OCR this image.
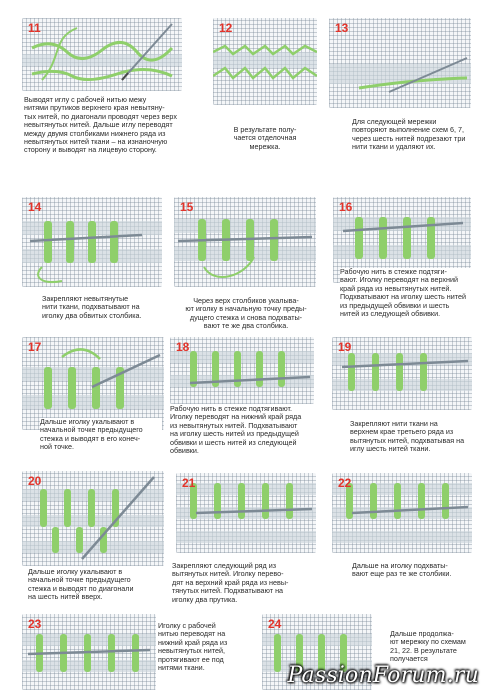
11

Выводят иглу с рабочей нитью межу
нитями прутиков верхнего края невытяну-
тых нитей, по диагонали проводят через верх
невытянутых нитей. Дальше иглу переводят
между двумя столбиками нижнего ряда из
невытянутых нитей ткани – на изнаночную
сторону и выводят на лицевую сторону.

12

В результате полу-
чается отделочная
мережка.

13

Для следующей мережки
повторяют выполнение схем 6, 7,
через шесть нитей подрезают три
нити ткани и удаляют их.

14

Закрепляют невытянутые
нити ткани, подхватывают на
иголку два обвитых столбика.

15

Через верх столбиков укалыва-
ют иголку в начальную точку преды-
дущего стежка и снова подхваты-
вают те же два столбика.

16

Рабочую нить в стежке подтяги-
вают. Иголку переводят на верхний
край ряда из невытянутых нитей.
Подхватывают на иголку шесть нитей
из предыдущей обвивки и шесть
нитей из следующей обвивки.

17

Дальше иголку укалывают в
начальной точке предыдущего
стежка и выводят в его конеч-
ной точке.

18

Рабочую нить в стежке подтягивают.
Иголку переводят на нижний край ряда
из невытянутых нитей. Подхватывают
на иголку шесть нитей из предыдущей
обвивки и шесть нитей из следующей
обвивки.

19

Закрепляют нити ткани на
верхнем крае третьего ряда из
вытянутых нитей, подхватывая на
иглу шесть нитей ткани.

20

Дальше иголку укалывают в
начальной точке предыдущего
стежка и выводят по диагонали
на шесть нитей вверх.

21

Закрепляют следующий ряд из
вытянутых нитей. Иголку перево-
дят на верхний край ряда из невы-
тянутых нитей. Подхватывают на
иголку два прутика.

22

Дальше на иголку подхваты-
вают еще раз те же столбики.

23	Иголку с рабочей
нитью переводят на
нижний край ряда из
невытянутых нитей,
протягивают ее под
нитями ткани.

24

Дальше продолжа-
ют мережку по схемам
21, 22. В результате
получается

PassionForum.ru
